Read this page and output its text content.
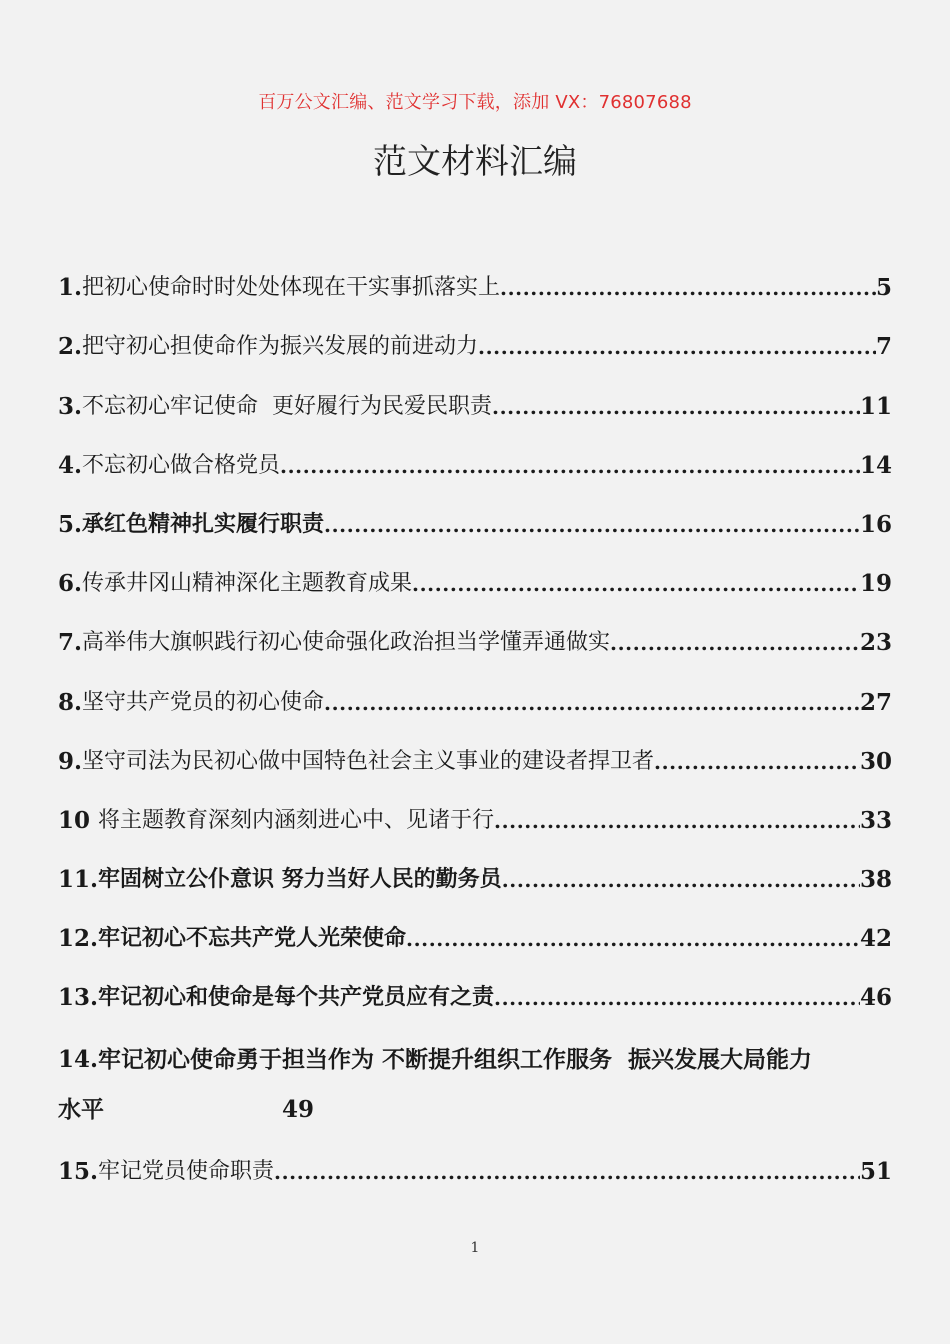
百万公文汇编、范文学习下载，添加 VX：76807688
范文材料汇编
1. 把初心使命时时处处体现在干实事抓落实上 .....	5
2. 把守初心担使命作为振兴发展的前进动力 .....	7
3. 不忘初心牢记使命  更好履行为民爱民职责 .....	11
4. 不忘初心做合格党员 .....	14
5. 承红色精神扎实履行职责 .....	16
6. 传承井冈山精神深化主题教育成果 .....	19
7. 高举伟大旗帜践行初心使命强化政治担当学懂弄通做实 .....	23
8. 坚守共产党员的初心使命 .....	27
9. 坚守司法为民初心做中国特色社会主义事业的建设者捍卫者 .....	30
10 将主题教育深刻内涵刻进心中、见诸于行 .....	33
11. 牢固树立公仆意识 努力当好人民的勤务员 .....	38
12. 牢记初心不忘共产党人光荣使命 .....	42
13. 牢记初心和使命是每个共产党员应有之责 .....	46
14.牢记初心使命勇于担当作为 不断提升组织工作服务  振兴发展大局能力
水平	49
15. 牢记党员使命职责 .....	51
1
